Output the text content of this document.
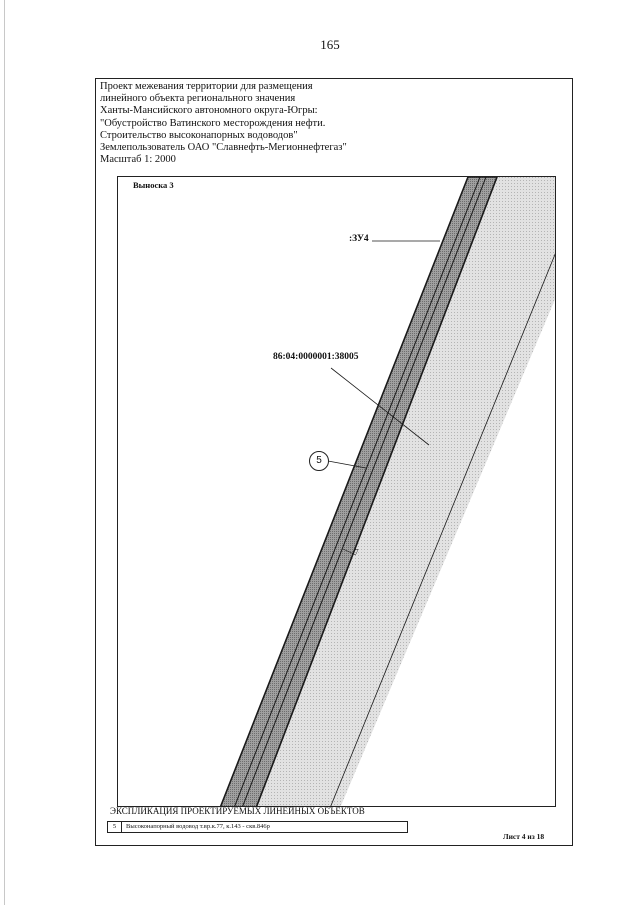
165
Проект межевания территории для размещения
линейного объекта регионального значения
Ханты-Мансийского автономного округа-Югры:
"Обустройство Ватинского месторождения нефти.
Строительство высоконапорных водоводов"
Землепользователь ОАО "Славнефть-Мегионнефтегаз"
Масштаб 1: 2000
Выноска 3
:ЗУ4
86:04:0000001:38005
5
7
ЭКСПЛИКАЦИЯ ПРОЕКТИРУЕМЫХ ЛИНЕЙНЫХ ОБЪЕКТОВ
5	Высоконапорный водовод т.вр.к.77, к.143 - скв.846р
Лист 4 из 18
